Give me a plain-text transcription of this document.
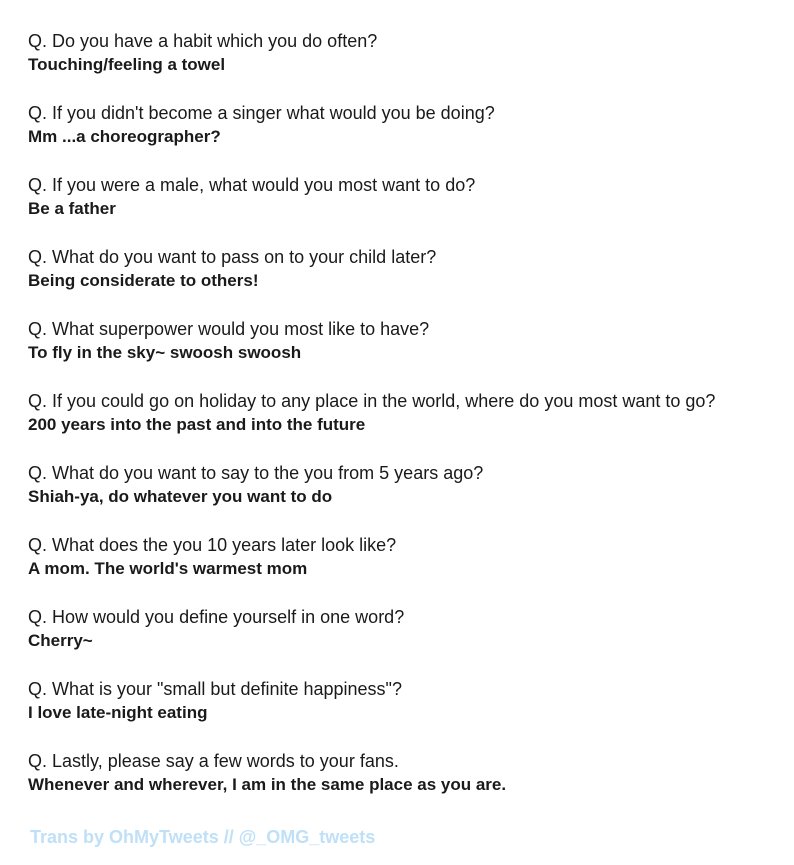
Q. Do you have a habit which you do often?
Touching/feeling a towel
Q. If you didn't become a singer what would you be doing?
Mm ...a choreographer?
Q. If you were a male, what would you most want to do?
Be a father
Q. What do you want to pass on to your child later?
Being considerate to others!
Q. What superpower would you most like to have?
To fly in the sky~ swoosh swoosh
Q. If you could go on holiday to any place in the world, where do you most want to go?
200 years into the past and into the future
Q. What do you want to say to the you from 5 years ago?
Shiah-ya, do whatever you want to do
Q. What does the you 10 years later look like?
A mom. The world's warmest mom
Q. How would you define yourself in one word?
Cherry~
Q. What is your "small but definite happiness"?
I love late-night eating
Q. Lastly, please say a few words to your fans.
Whenever and wherever, I am in the same place as you are.
Trans by OhMyTweets // @_OMG_tweets
